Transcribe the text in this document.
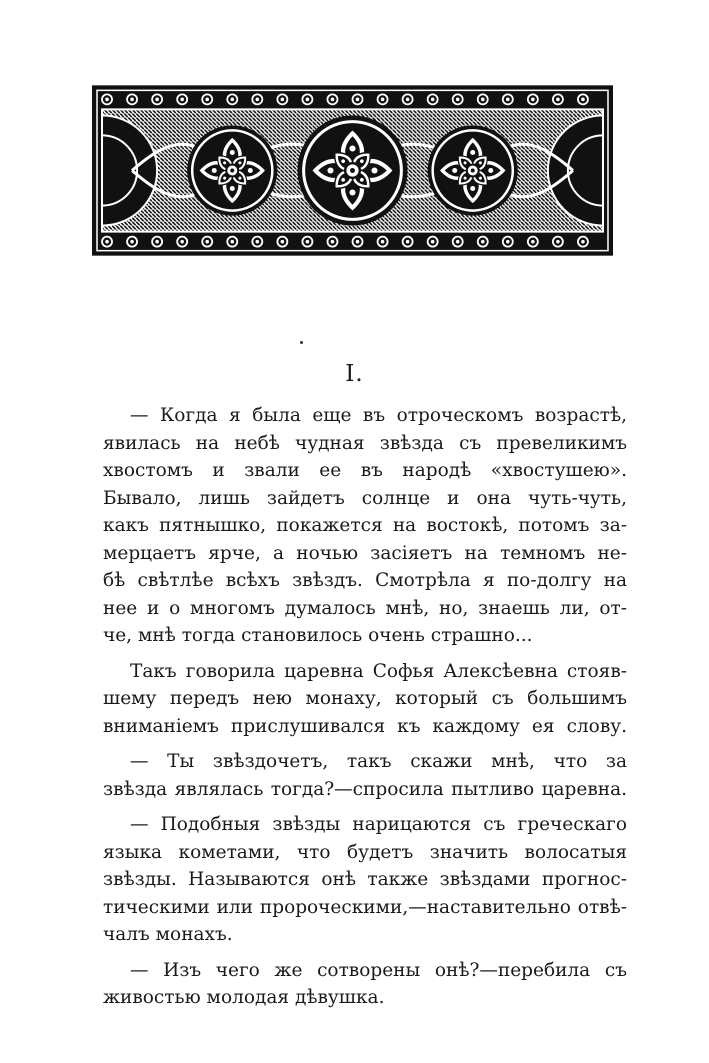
I.

— Когда я была еще въ отроческомъ возрастѣ,
явилась на небѣ чудная звѣзда съ превеликимъ
хвостомъ и звали ее въ народѣ «хвостушею».
Бывало, лишь зайдетъ солнце и она чуть-чуть,
какъ пятнышко, покажется на востокѣ, потомъ за-
мерцаетъ ярче, а ночью засiяетъ на темномъ не-
бѣ свѣтлѣе всѣхъ звѣздъ. Смотрѣла я по-долгу на
нее и о многомъ думалось мнѣ, но, знаешь ли, от-
че, мнѣ тогда становилось очень страшно...

Такъ говорила царевна Софья Алексѣевна стояв-
шему передъ нею монаху, который съ большимъ
вниманiемъ прислушивался къ каждому ея слову.

— Ты звѣздочетъ, такъ скажи мнѣ, что за
звѣзда являлась тогда?—спросила пытливо царевна.

— Подобныя звѣзды нарицаются съ греческаго
языка кометами, что будетъ значить волосатыя
звѣзды. Называются онѣ также звѣздами прогнос-
тическими или пророческими,—наставительно отвѣ-
чалъ монахъ.

— Изъ чего же сотворены онѣ?—перебила съ
живостью молодая дѣвушка.
